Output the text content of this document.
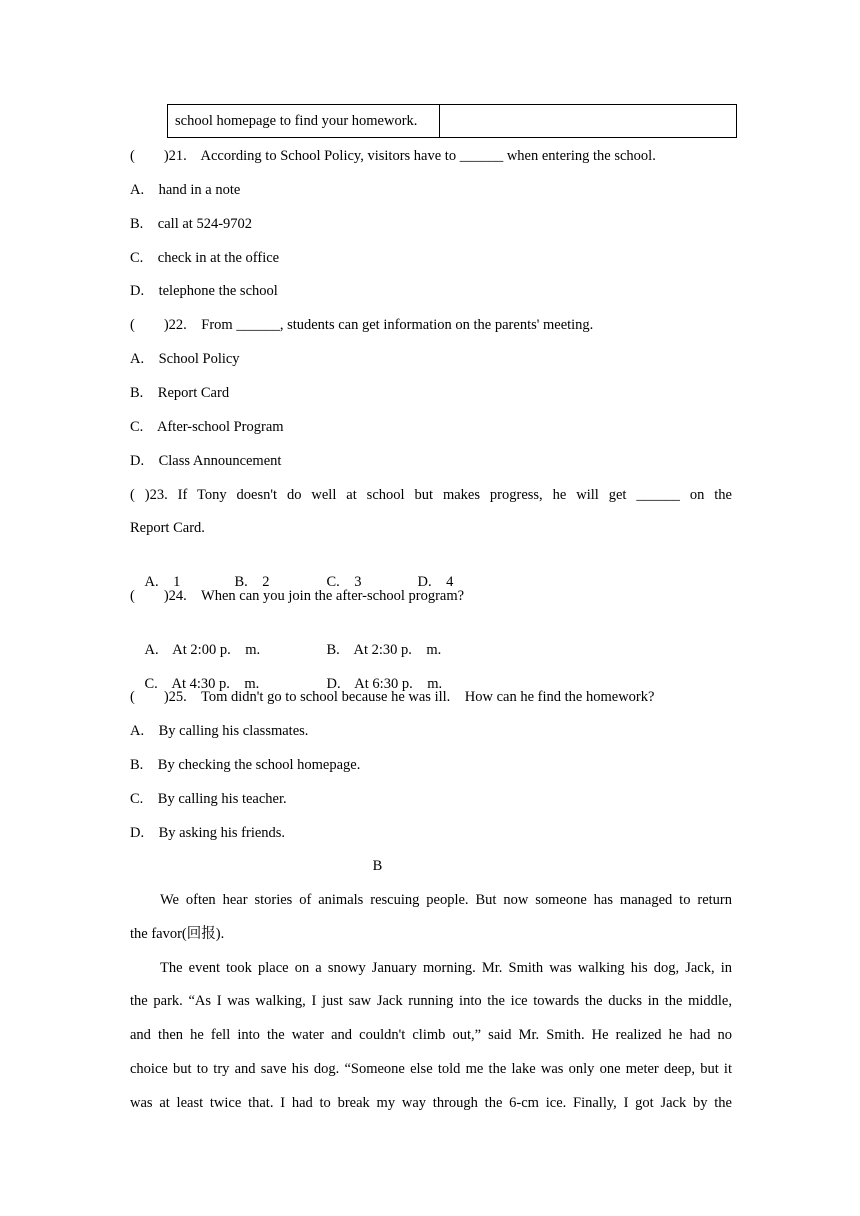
school homepage to find your homework.
(        )21.    According to School Policy, visitors have to ______ when entering the school.
A.    hand in a note
B.    call at 524-9702
C.    check in at the office
D.    telephone the school
(        )22.    From ______, students can get information on the parents' meeting.
A.    School Policy
B.    Report Card
C.    After-school Program
D.    Class Announcement
( )23. If Tony doesn't do well at school but makes progress, he will get ______ on the
Report Card.

A.    1	B.    2	C.    3	D.    4

(        )24.    When can you join the after-school program?

A.    At 2:00 p.    m.	B.    At 2:30 p.    m.

C.    At 4:30 p.    m.	D.    At 6:30 p.    m.

(        )25.    Tom didn't go to school because he was ill.    How can he find the homework?
A.    By calling his classmates.
B.    By checking the school homepage.
C.    By calling his teacher.
D.    By asking his friends.
B
We often hear stories of animals rescuing people. But now someone has managed to return
the favor(回报).
The event took place on a snowy January morning. Mr. Smith was walking his dog, Jack, in
the park. “As I was walking, I just saw Jack running into the ice towards the ducks in the middle,
and then he fell into the water and couldn't climb out,” said Mr. Smith. He realized he had no
choice but to try and save his dog. “Someone else told me the lake was only one meter deep, but it
was at least twice that. I had to break my way through the 6-cm ice. Finally, I got Jack by the
